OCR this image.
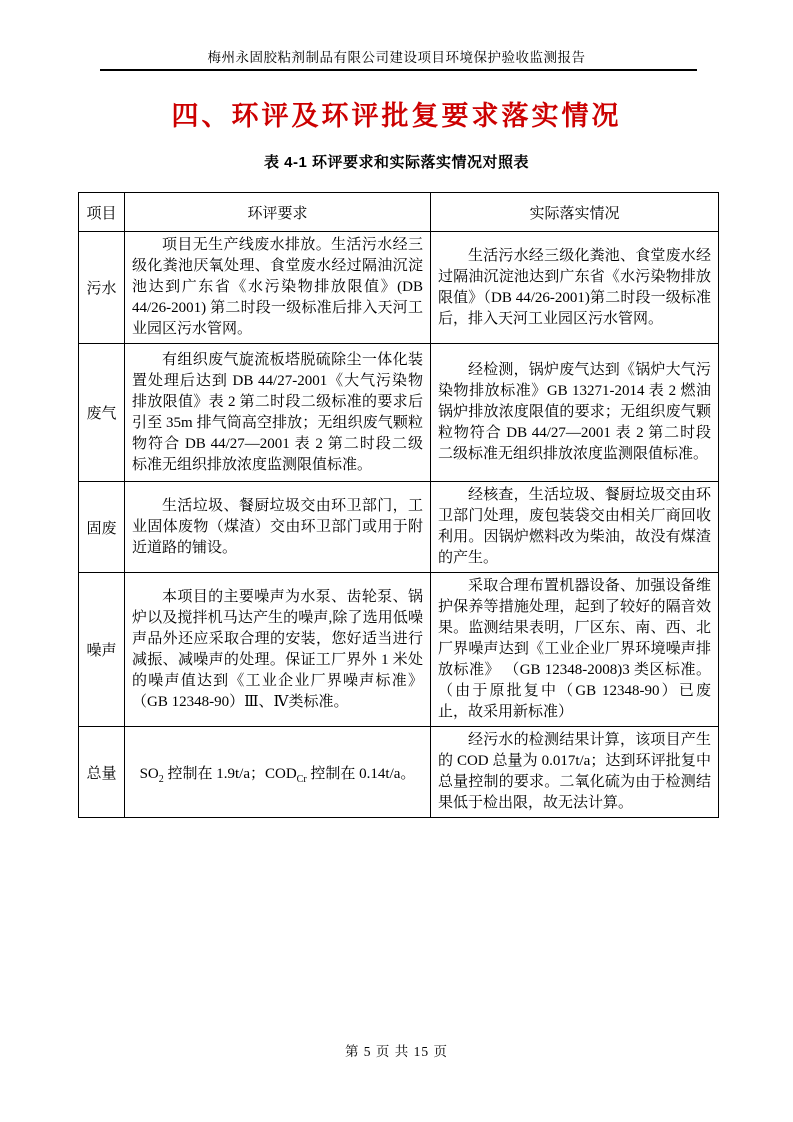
梅州永固胶粘剂制品有限公司建设项目环境保护验收监测报告
四、环评及环评批复要求落实情况
表 4-1 环评要求和实际落实情况对照表
项目	环评要求	实际落实情况
污水	项目无生产线废水排放。生活污水经三级化粪池厌氧处理、食堂废水经过隔油沉淀池达到广东省《水污染物排放限值》(DB 44/26-2001) 第二时段一级标准后排入天河工业园区污水管网。	生活污水经三级化粪池、食堂废水经过隔油沉淀池达到广东省《水污染物排放限值》（DB 44/26-2001)第二时段一级标准后，排入天河工业园区污水管网。

废气	有组织废气旋流板塔脱硫除尘一体化装置处理后达到 DB 44/27-2001《大气污染物排放限值》表 2 第二时段二级标准的要求后引至 35m 排气筒高空排放；无组织废气颗粒物符合 DB 44/27—2001 表 2 第二时段二级标准无组织排放浓度监测限值标准。	经检测，锅炉废气达到《锅炉大气污染物排放标准》GB 13271-2014 表 2 燃油锅炉排放浓度限值的要求；无组织废气颗粒物符合 DB 44/27—2001 表 2 第二时段二级标准无组织排放浓度监测限值标准。

固废	生活垃圾、餐厨垃圾交由环卫部门，工业固体废物（煤渣）交由环卫部门或用于附近道路的铺设。	经核查，生活垃圾、餐厨垃圾交由环卫部门处理，废包装袋交由相关厂商回收利用。因锅炉燃料改为柴油，故没有煤渣的产生。

噪声	本项目的主要噪声为水泵、齿轮泵、锅炉以及搅拌机马达产生的噪声,除了选用低噪声品外还应采取合理的安装，您好适当进行减振、减噪声的处理。保证工厂界外 1 米处的噪声值达到《工业企业厂界噪声标准》（GB 12348-90）Ⅲ、Ⅳ类标准。	采取合理布置机器设备、加强设备维护保养等措施处理，起到了较好的隔音效果。监测结果表明，厂区东、南、西、北厂界噪声达到《工业企业厂界环境噪声排放标准》 （GB 12348-2008)3 类区标准。（由于原批复中（GB 12348-90）已废止，故采用新标准）

总量	$SO_2$ 控制在 1.9t/a；$COD_{Cr}$ 控制在 0.14t/a。	经污水的检测结果计算，该项目产生的 COD 总量为 0.017t/a；达到环评批复中总量控制的要求。二氧化硫为由于检测结果低于检出限，故无法计算。

第 5 页 共 15 页
